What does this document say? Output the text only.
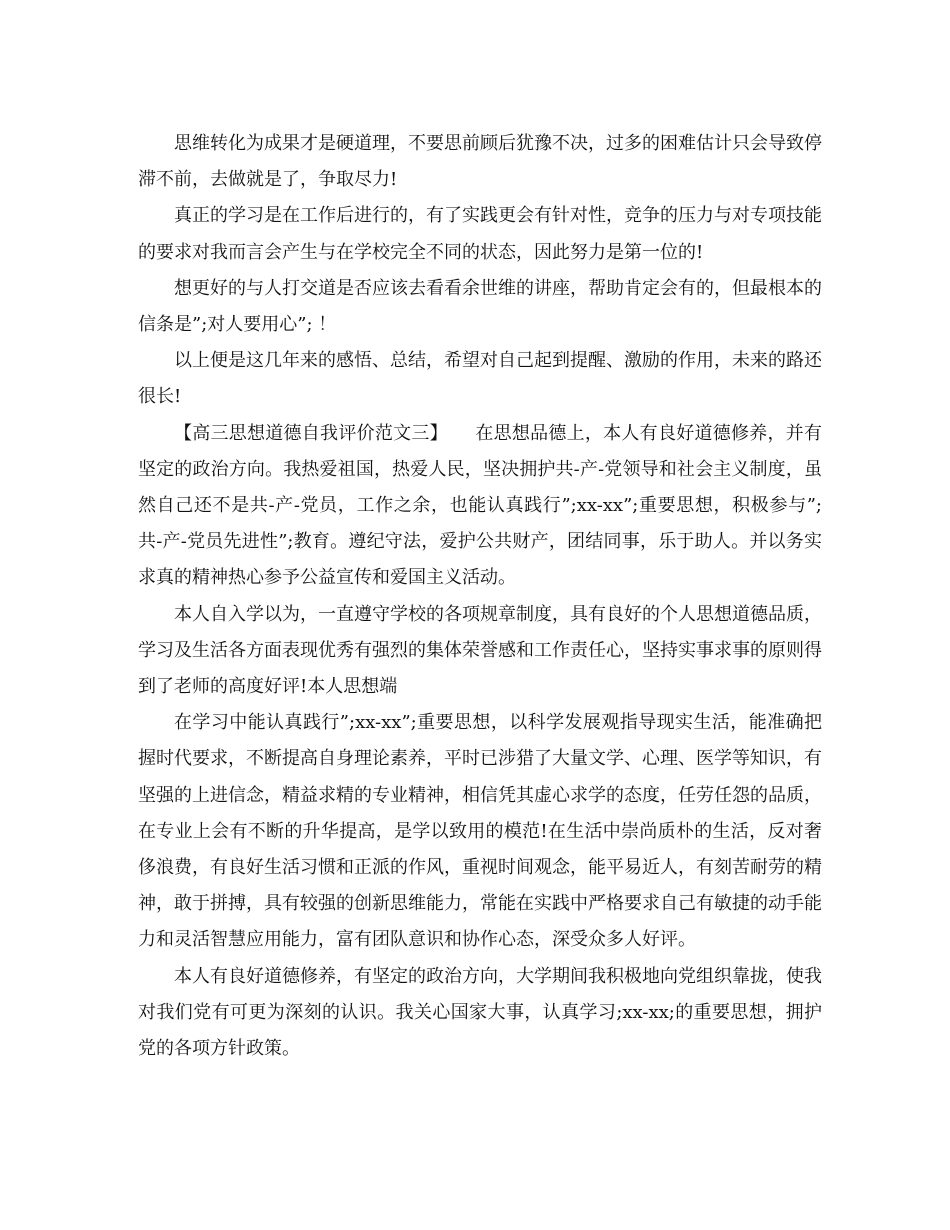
思维转化为成果才是硬道理，不要思前顾后犹豫不决，过多的困难估计只会导致停滞不前，去做就是了，争取尽力!

真正的学习是在工作后进行的，有了实践更会有针对性，竞争的压力与对专项技能的要求对我而言会产生与在学校完全不同的状态，因此努力是第一位的!

想更好的与人打交道是否应该去看看余世维的讲座，帮助肯定会有的，但最根本的信条是”;对人要用心”; ！

以上便是这几年来的感悟、总结，希望对自己起到提醒、激励的作用，未来的路还很长!

【高三思想道德自我评价范文三】　　在思想品德上，本人有良好道德修养，并有坚定的政治方向。我热爱祖国，热爱人民，坚决拥护共-产-党领导和社会主义制度，虽然自己还不是共-产-党员，工作之余，也能认真践行”;xx-xx”;重要思想，积极参与”;共-产-党员先进性”;教育。遵纪守法，爱护公共财产，团结同事，乐于助人。并以务实求真的精神热心参予公益宣传和爱国主义活动。

本人自入学以为，一直遵守学校的各项规章制度，具有良好的个人思想道德品质，学习及生活各方面表现优秀有强烈的集体荣誉感和工作责任心，坚持实事求事的原则得到了老师的高度好评!本人思想端

在学习中能认真践行”;xx-xx”;重要思想，以科学发展观指导现实生活，能准确把握时代要求，不断提高自身理论素养，平时已涉猎了大量文学、心理、医学等知识，有坚强的上进信念，精益求精的专业精神，相信凭其虚心求学的态度，任劳任怨的品质，在专业上会有不断的升华提高，是学以致用的模范!在生活中崇尚质朴的生活，反对奢侈浪费，有良好生活习惯和正派的作风，重视时间观念，能平易近人，有刻苦耐劳的精神，敢于拼搏，具有较强的创新思维能力，常能在实践中严格要求自己有敏捷的动手能力和灵活智慧应用能力，富有团队意识和协作心态，深受众多人好评。

本人有良好道德修养，有坚定的政治方向，大学期间我积极地向党组织靠拢，使我对我们党有可更为深刻的认识。我关心国家大事，认真学习;xx-xx;的重要思想，拥护党的各项方针政策。
